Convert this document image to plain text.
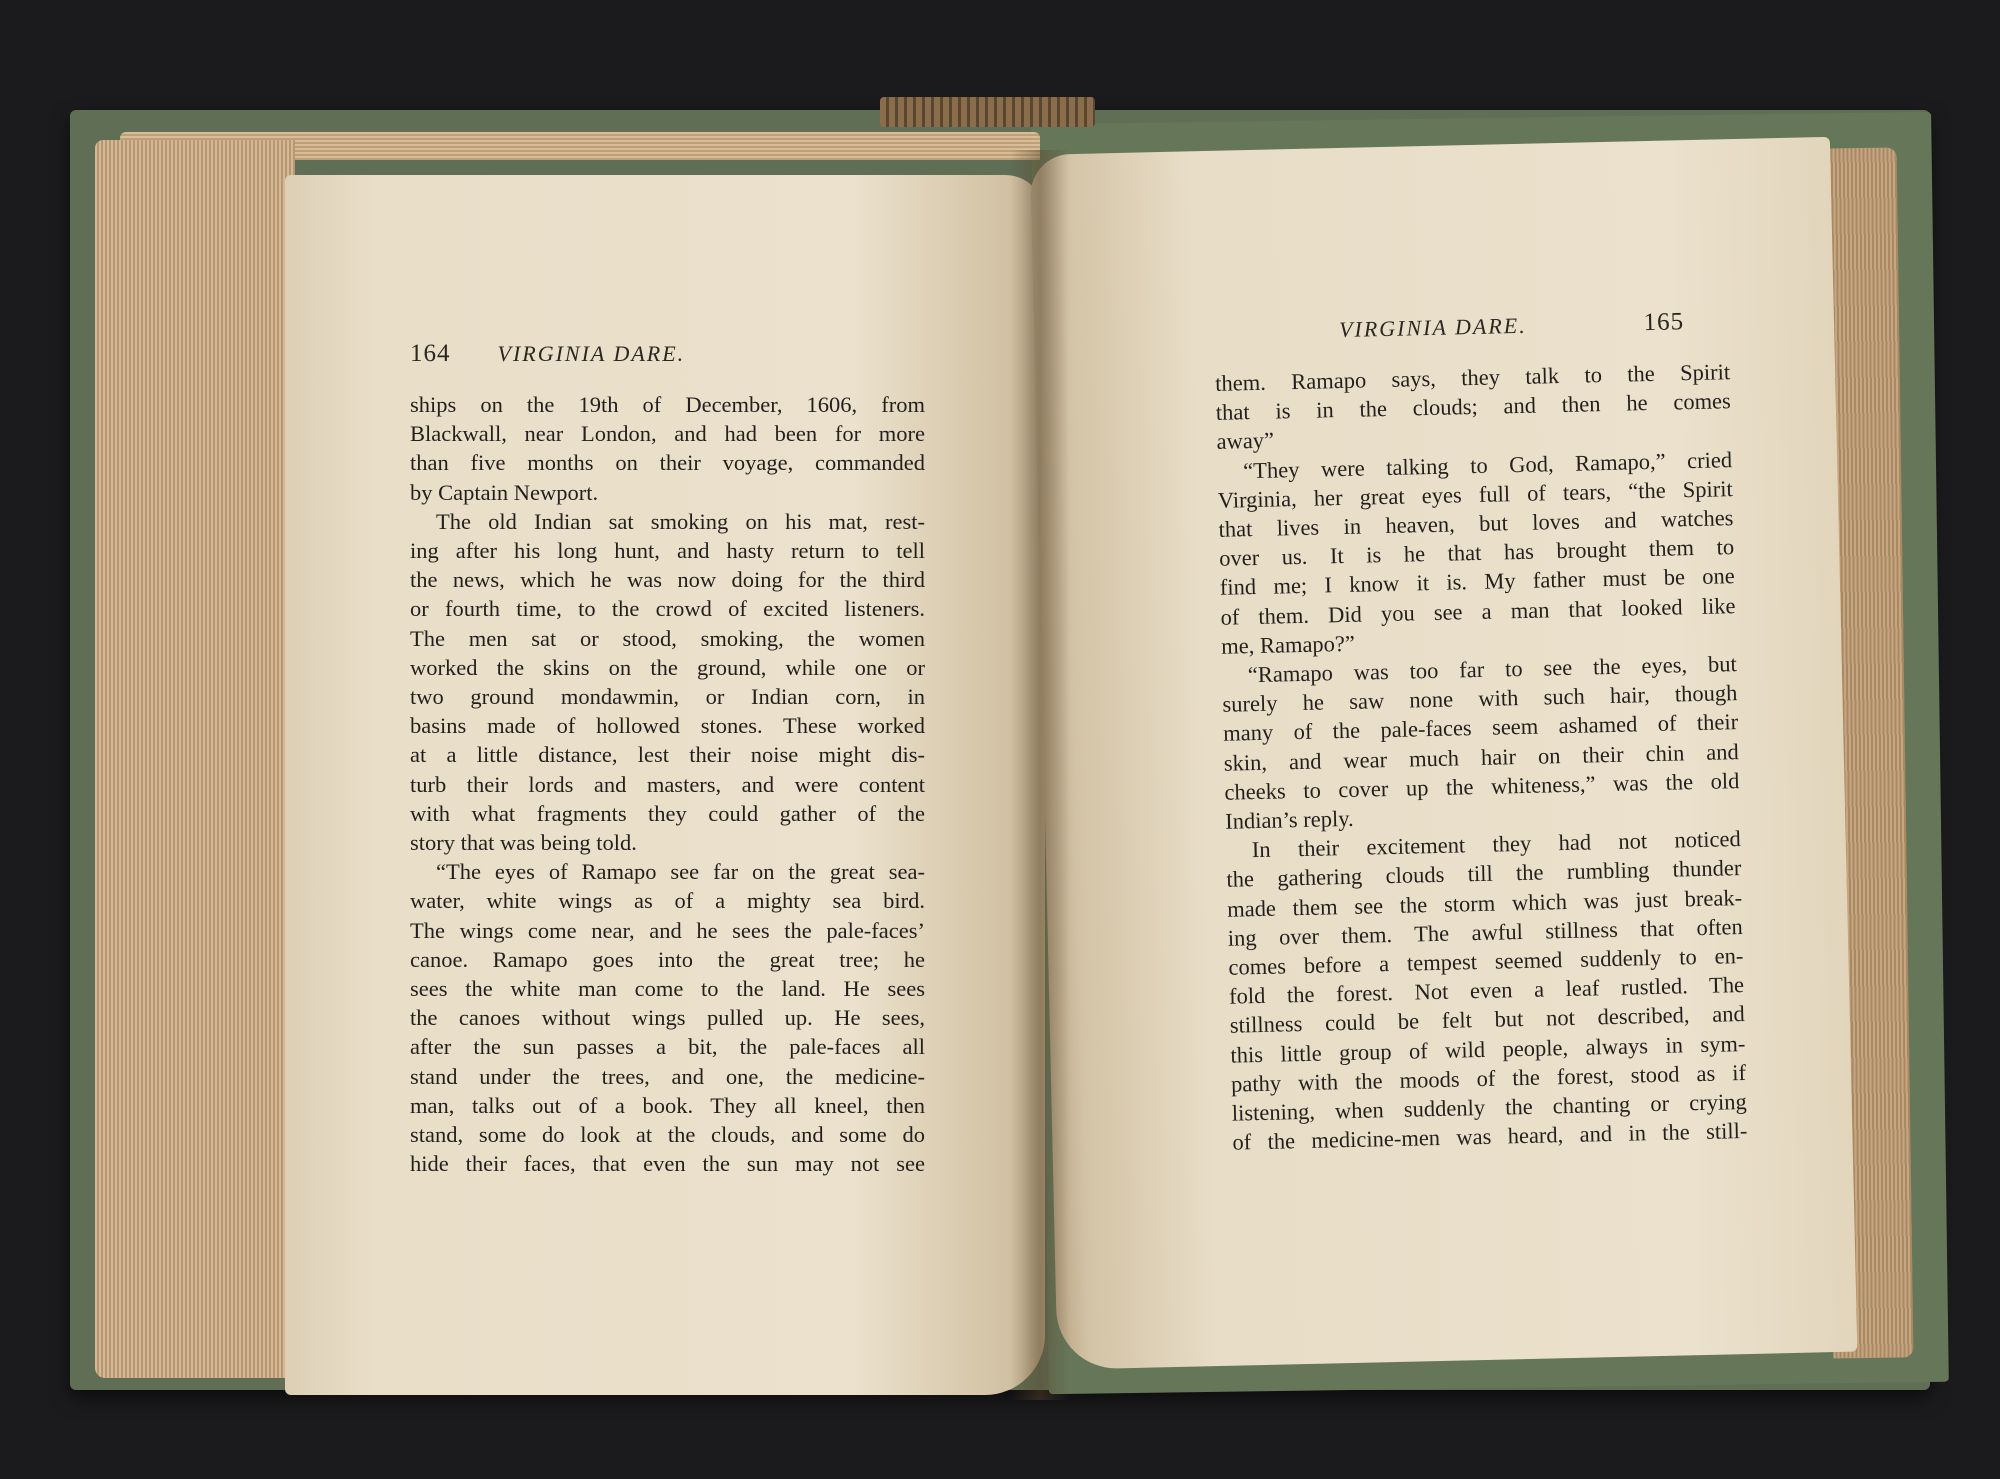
164 VIRGINIA DARE.
ships on the 19th of December, 1606, from
Blackwall, near London, and had been for more
than five months on their voyage, commanded
by Captain Newport.
The old Indian sat smoking on his mat, rest-
ing after his long hunt, and hasty return to tell
the news, which he was now doing for the third
or fourth time, to the crowd of excited listeners.
The men sat or stood, smoking, the women
worked the skins on the ground, while one or
two ground mondawmin, or Indian corn, in
basins made of hollowed stones. These worked
at a little distance, lest their noise might dis-
turb their lords and masters, and were content
with what fragments they could gather of the
story that was being told.
“The eyes of Ramapo see far on the great sea-
water, white wings as of a mighty sea bird.
The wings come near, and he sees the pale-faces’
canoe. Ramapo goes into the great tree; he
sees the white man come to the land. He sees
the canoes without wings pulled up. He sees,
after the sun passes a bit, the pale-faces all
stand under the trees, and one, the medicine-
man, talks out of a book. They all kneel, then
stand, some do look at the clouds, and some do
hide their faces, that even the sun may not see
VIRGINIA DARE.	165
them. Ramapo says, they talk to the Spirit
that is in the clouds; and then he comes
away”
“They were talking to God, Ramapo,” cried
Virginia, her great eyes full of tears, “the Spirit
that lives in heaven, but loves and watches
over us. It is he that has brought them to
find me; I know it is. My father must be one
of them. Did you see a man that looked like
me, Ramapo?”
“Ramapo was too far to see the eyes, but
surely he saw none with such hair, though
many of the pale-faces seem ashamed of their
skin, and wear much hair on their chin and
cheeks to cover up the whiteness,” was the old
Indian’s reply.
In their excitement they had not noticed
the gathering clouds till the rumbling thunder
made them see the storm which was just break-
ing over them. The awful stillness that often
comes before a tempest seemed suddenly to en-
fold the forest. Not even a leaf rustled. The
stillness could be felt but not described, and
this little group of wild people, always in sym-
pathy with the moods of the forest, stood as if
listening, when suddenly the chanting or crying
of the medicine-men was heard, and in the still-
